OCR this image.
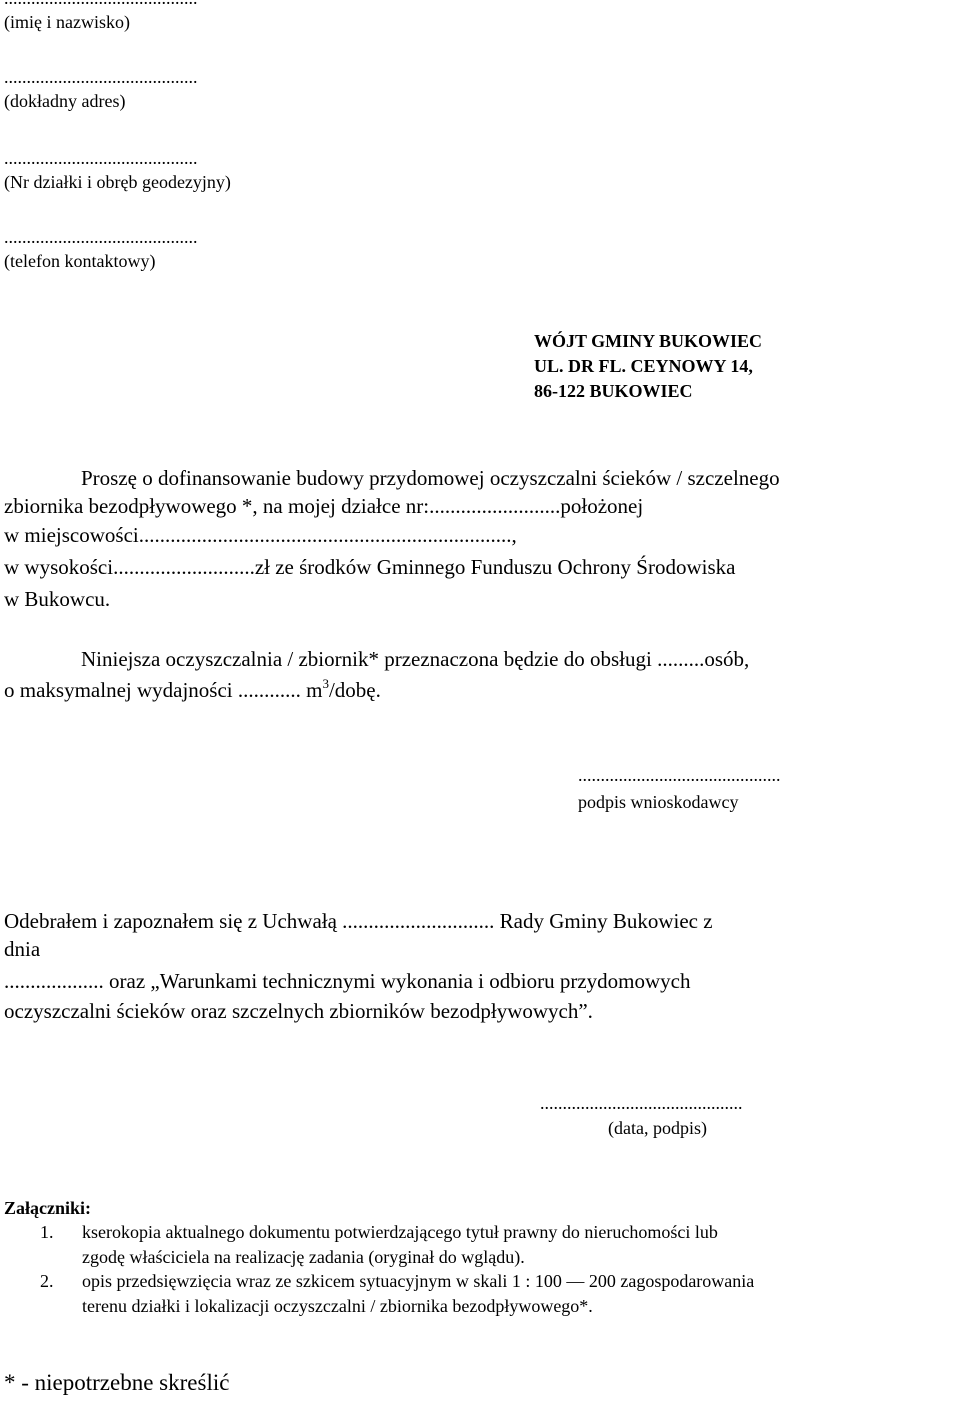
(imię i nazwisko)
...........................................
(dokładny adres)
...........................................
(Nr działki i obręb geodezyjny)
...........................................
(telefon kontaktowy)
WÓJT GMINY BUKOWIEC
UL. DR FL. CEYNOWY 14,
86-122 BUKOWIEC
Proszę o dofinansowanie budowy przydomowej oczyszczalni ścieków / szczelnego
zbiornika bezodpływowego *, na mojej działce nr:.........................położonej
w miejscowości.......................................................................,
w wysokości...........................zł ze środków Gminnego Funduszu Ochrony Środowiska
w Bukowcu.
Niniejsza oczyszczalnia / zbiornik* przeznaczona będzie do obsługi .........osób,
o maksymalnej wydajności ............ $m^3$/dobę.
.............................................
podpis wnioskodawcy
Odebrałem i zapoznałem się z Uchwałą ............................. Rady Gminy Bukowiec z
dnia
................... oraz „Warunkami technicznymi wykonania i odbioru przydomowych
oczyszczalni ścieków oraz szczelnych zbiorników bezodpływowych”.
.............................................
(data, podpis)
Załączniki:
1. kserokopia aktualnego dokumentu potwierdzającego tytuł prawny do nieruchomości lub
zgodę właściciela na realizację zadania (oryginał do wglądu).
2. opis przedsięwzięcia wraz ze szkicem sytuacyjnym w skali 1 : 100 — 200 zagospodarowania
terenu działki i lokalizacji oczyszczalni / zbiornika bezodpływowego*.
* - niepotrzebne skreślić
